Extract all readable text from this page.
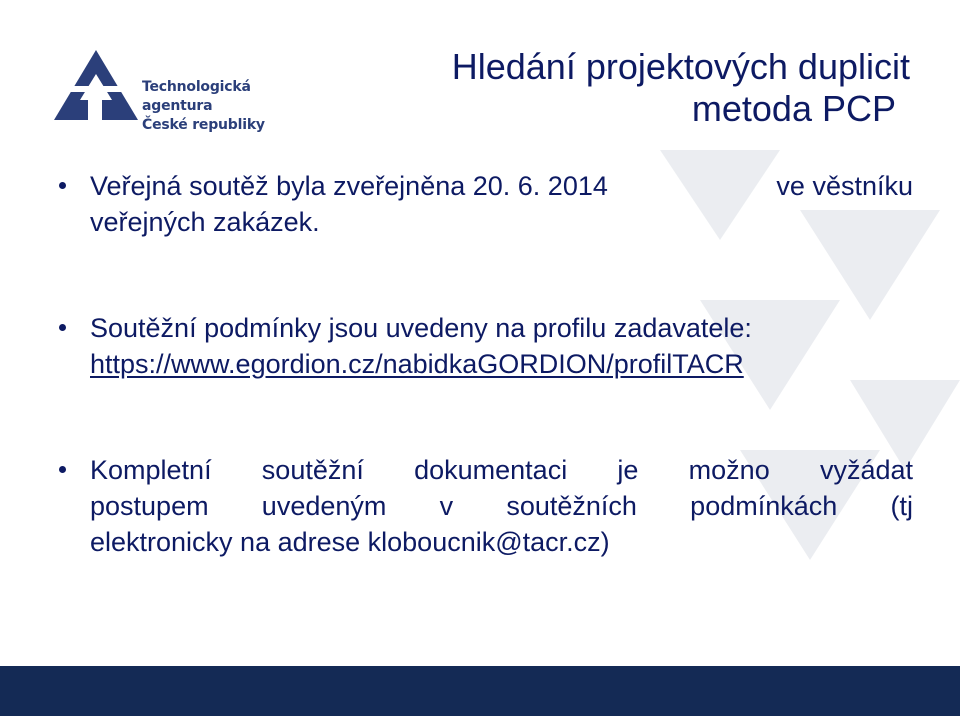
Technologická agentura
České republiky
Hledání projektových duplicit
metoda PCP
Veřejná soutěž byla zveřejněna 20. 6. 2014	ve věstníku
veřejných zakázek.
Soutěžní podmínky jsou uvedeny na profilu zadavatele:
https://www.egordion.cz/nabidkaGORDION/profilTACR
Kompletní soutěžní dokumentaci je možno vyžádat
postupem uvedeným v soutěžních podmínkách (tj
elektronicky na adrese kloboucnik@tacr.cz)
